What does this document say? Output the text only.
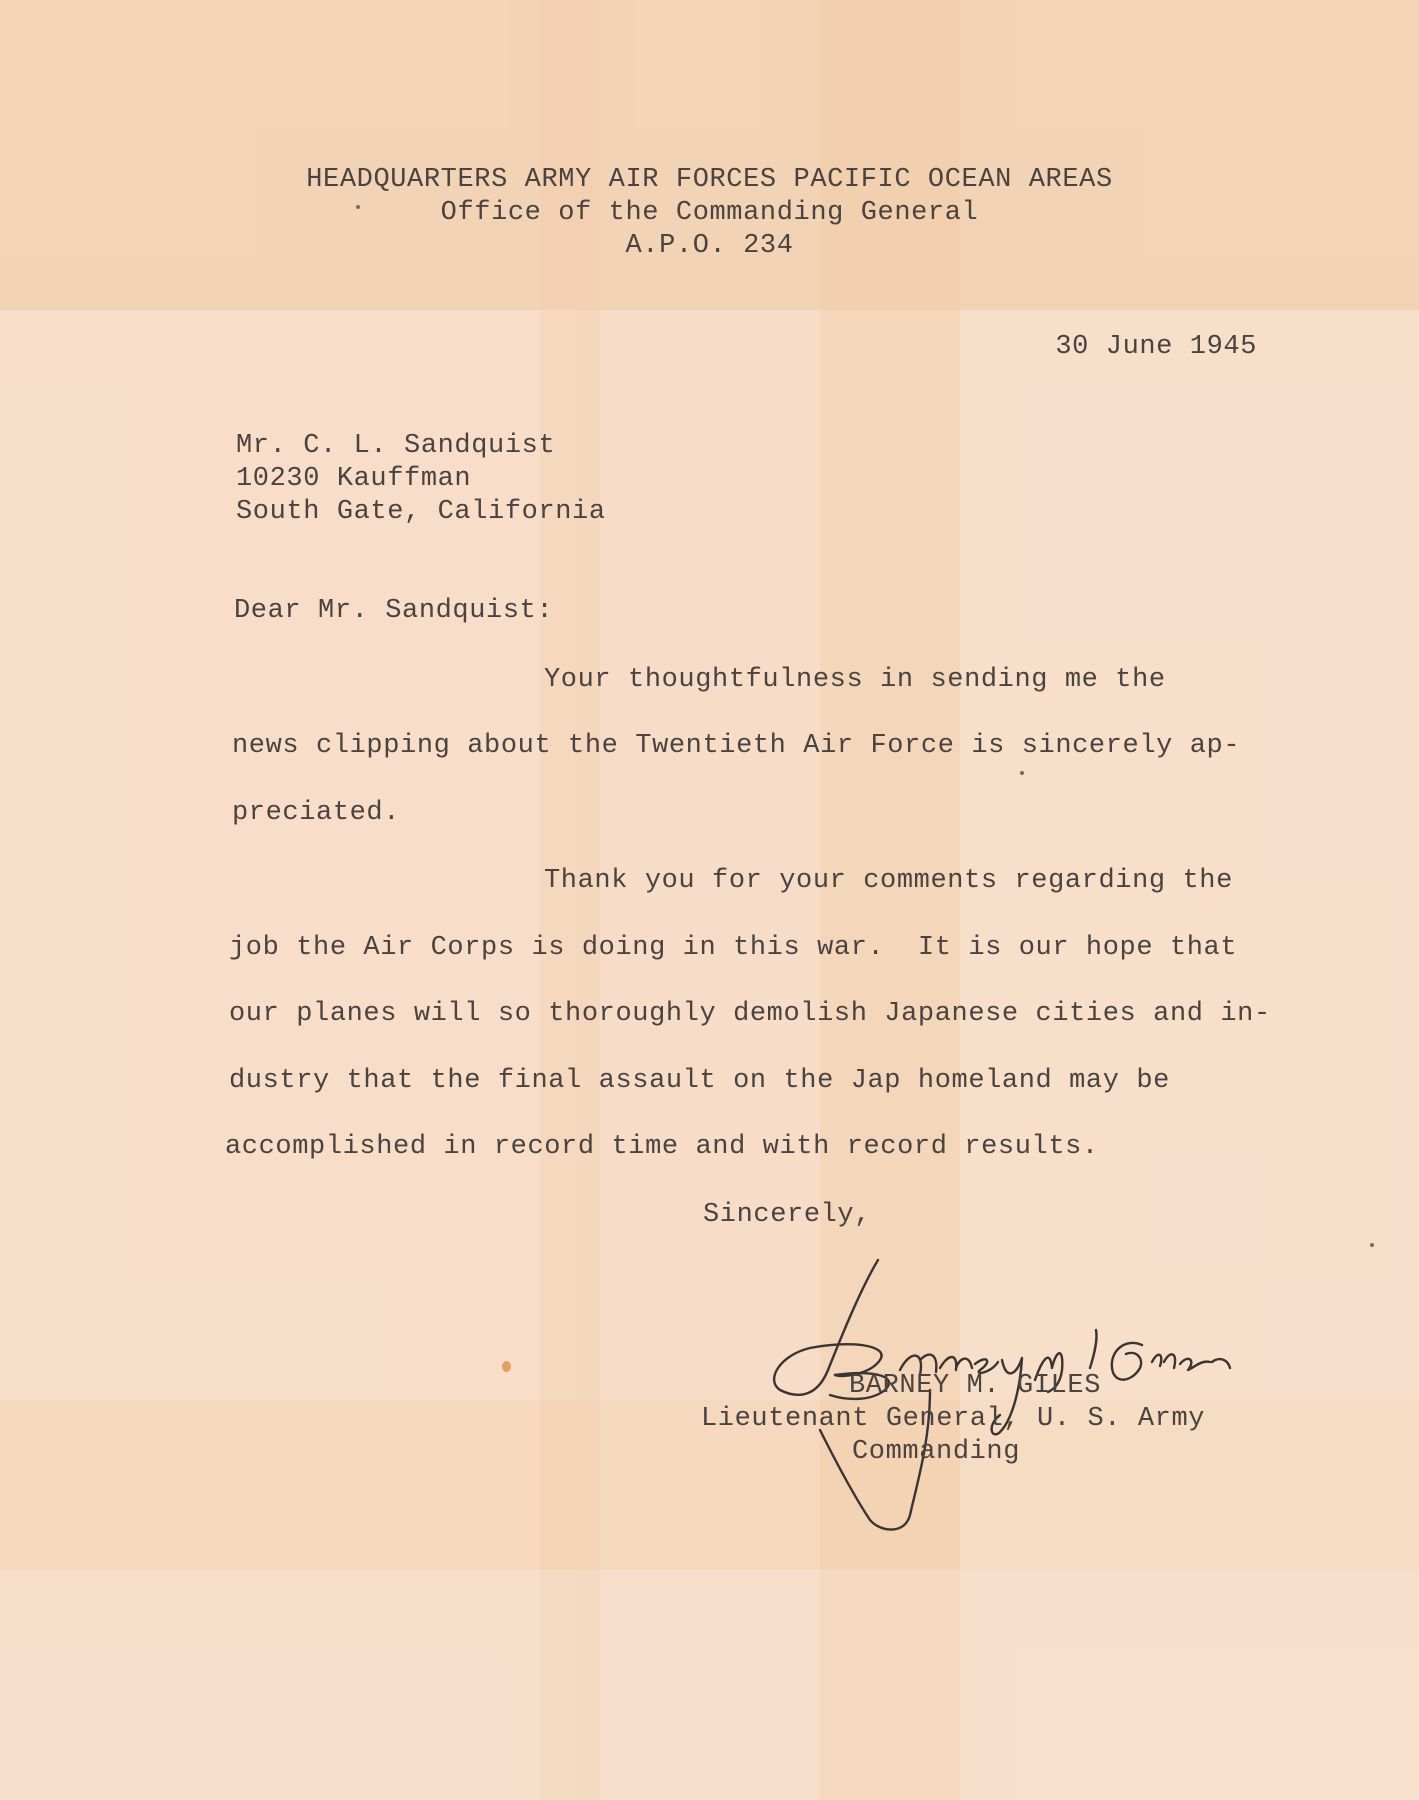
HEADQUARTERS ARMY AIR FORCES PACIFIC OCEAN AREAS

Office of the Commanding General

A.P.O. 234

30 June 1945

Mr. C. L. Sandquist

10230 Kauffman

South Gate, California

Dear Mr. Sandquist:

Your thoughtfulness in sending me the

news clipping about the Twentieth Air Force is sincerely ap-

preciated.

Thank you for your comments regarding the

job the Air Corps is doing in this war.  It is our hope that

our planes will so thoroughly demolish Japanese cities and in-

dustry that the final assault on the Jap homeland may be

accomplished in record time and with record results.

Sincerely,

BARNEY M. GILES

Lieutenant General, U. S. Army

Commanding
